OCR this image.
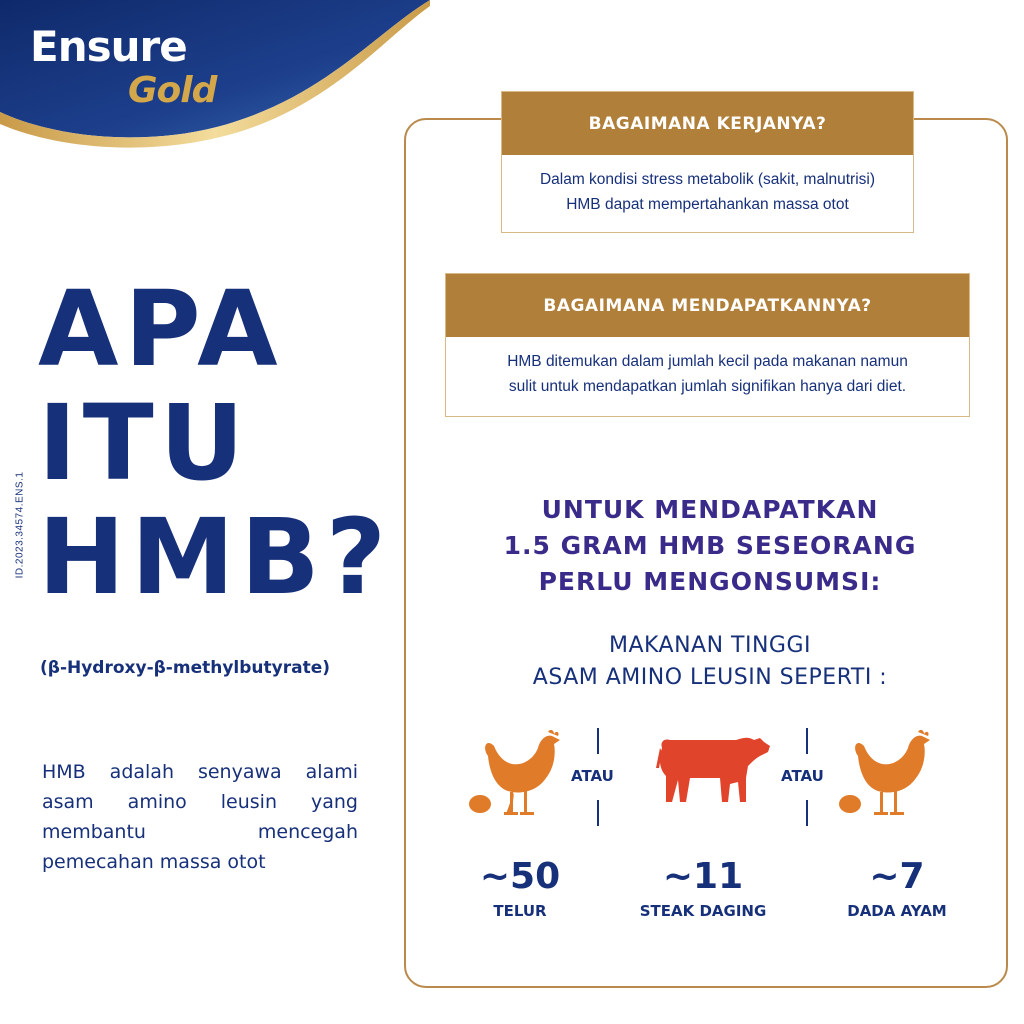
Ensure
Gold
ID.2023.34574.ENS.1
APA
ITU
HMB?
(β-Hydroxy-β-methylbutyrate)
HMB adalah senyawa alami asam amino leusin yang membantu mencegah pemecahan massa otot
BAGAIMANA KERJANYA?
Dalam kondisi stress metabolik (sakit, malnutrisi)
HMB dapat mempertahankan massa otot
BAGAIMANA MENDAPATKANNYA?
HMB ditemukan dalam jumlah kecil pada makanan namun
sulit untuk mendapatkan jumlah signifikan hanya dari diet.
UNTUK MENDAPATKAN
1.5 GRAM HMB SESEORANG
PERLU MENGONSUMSI:
MAKANAN TINGGI
ASAM AMINO LEUSIN SEPERTI :
ATAU	ATAU
~50
TELUR
~11
STEAK DAGING
~7
DADA AYAM
